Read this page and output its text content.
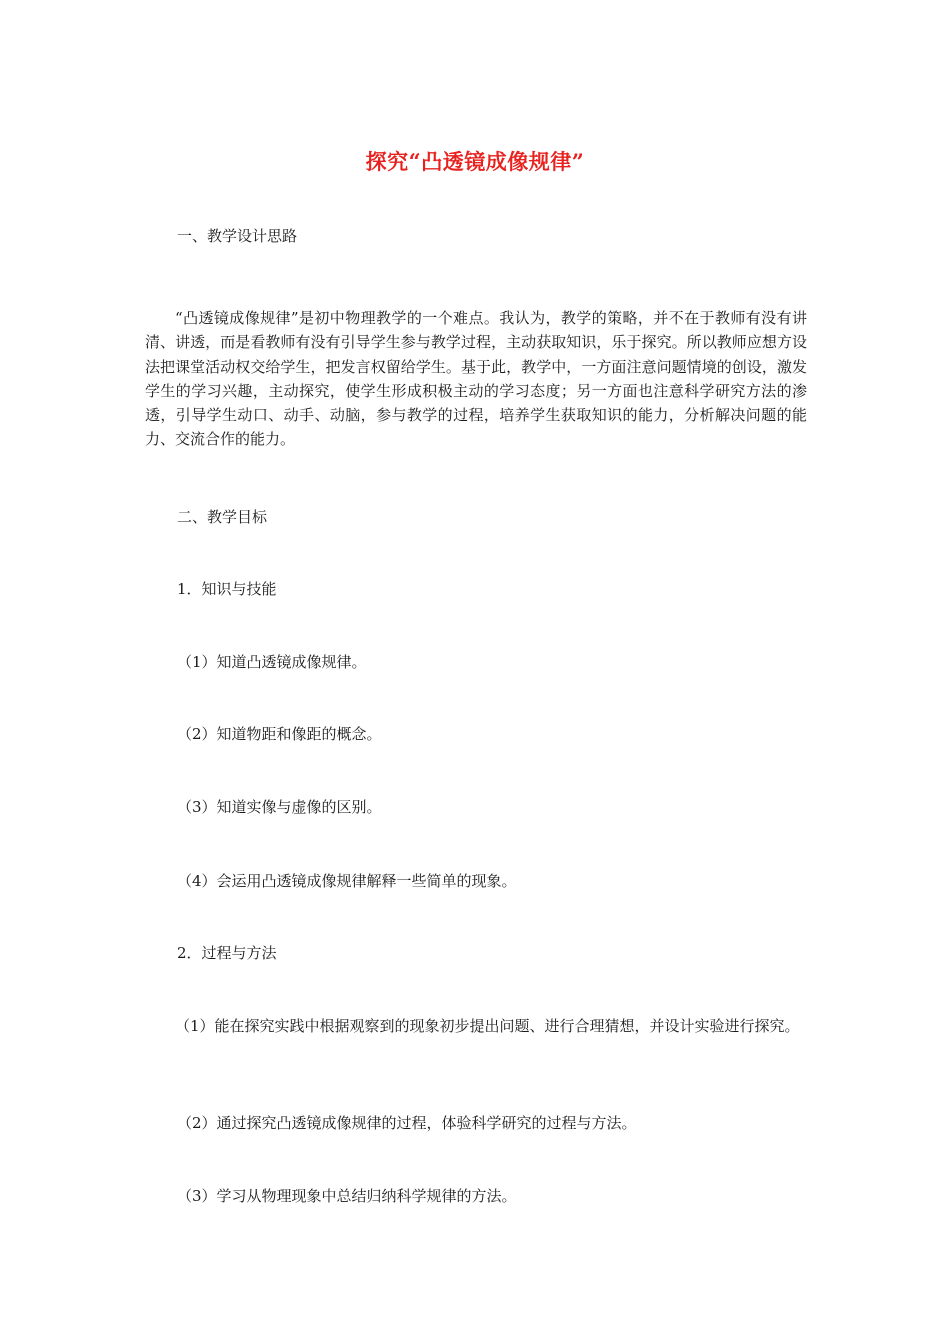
探究“凸透镜成像规律”
一、教学设计思路
“凸透镜成像规律”是初中物理教学的一个难点。我认为，教学的策略，并不在于教师有没有讲清、讲透，而是看教师有没有引导学生参与教学过程，主动获取知识，乐于探究。所以教师应想方设法把课堂活动权交给学生，把发言权留给学生。基于此，教学中，一方面注意问题情境的创设，激发学生的学习兴趣，主动探究，使学生形成积极主动的学习态度；另一方面也注意科学研究方法的渗透，引导学生动口、动手、动脑，参与教学的过程，培养学生获取知识的能力，分析解决问题的能力、交流合作的能力。
二、教学目标
1．知识与技能
（1）知道凸透镜成像规律。
（2）知道物距和像距的概念。
（3）知道实像与虚像的区别。
（4）会运用凸透镜成像规律解释一些简单的现象。
2．过程与方法
（1）能在探究实践中根据观察到的现象初步提出问题、进行合理猜想，并设计实验进行探究。
（2）通过探究凸透镜成像规律的过程，体验科学研究的过程与方法。
（3）学习从物理现象中总结归纳科学规律的方法。
